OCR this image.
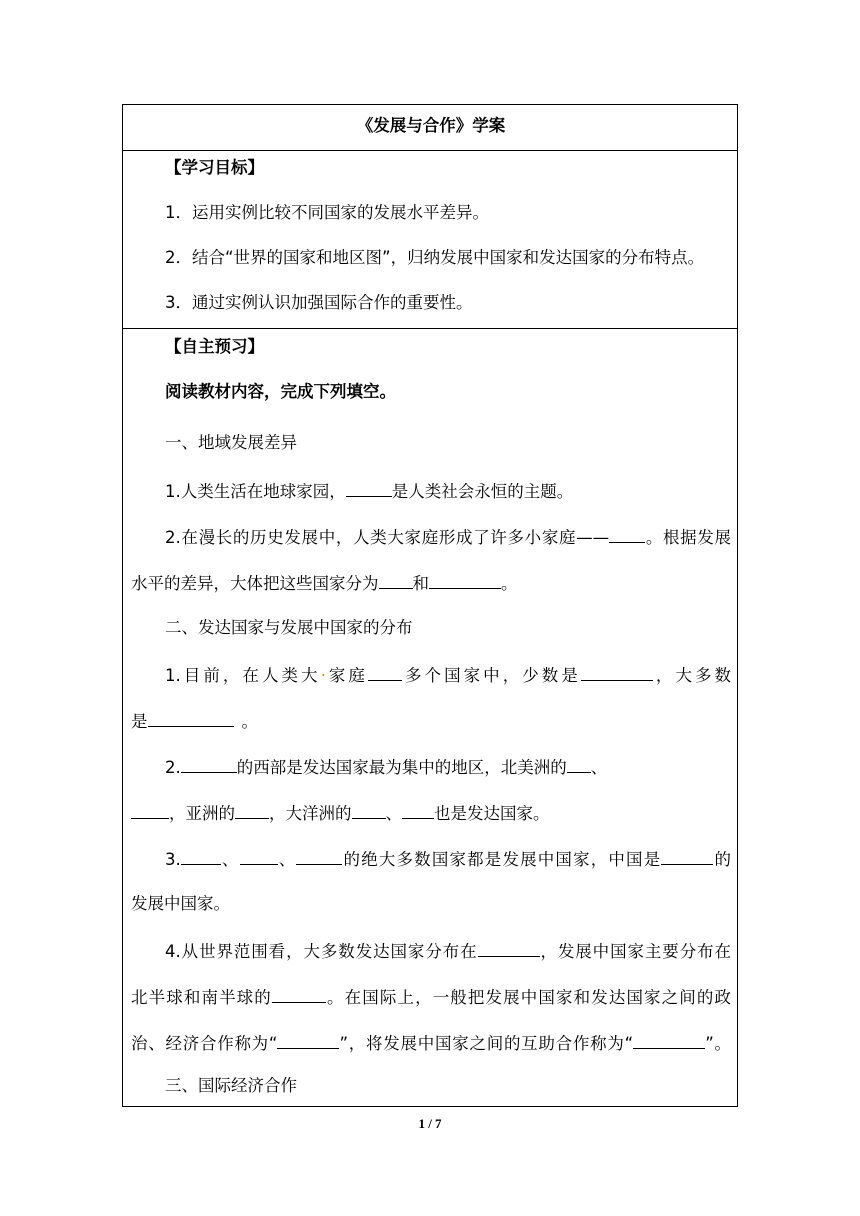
《发展与合作》学案
【学习目标】
1．运用实例比较不同国家的发展水平差异。
2．结合“世界的国家和地区图”，归纳发展中国家和发达国家的分布特点。
3．通过实例认识加强国际合作的重要性。
【自主预习】
阅读教材内容，完成下列填空。
一、地域发展差异
1.人类生活在地球家园，	是人类社会永恒的主题。
2.在漫长的历史发展中，人类大家庭形成了许多小家庭—— 。根据发展
水平的差异，大体把这些国家分为 和	。
二、发达国家与发展中国家的分布
1.目前，在人类大·家庭 多个国家中，少数是	，大多数
是	。
2.	的西部是发达国家最为集中的地区，北美洲的 、
，亚洲的 ，大洋洲的 、 也是发达国家。
3. 、 、	的绝大多数国家都是发展中国家，中国是	的
发展中国家。
4.从世界范围看，大多数发达国家分布在	，发展中国家主要分布在
北半球和南半球的	。在国际上，一般把发展中国家和发达国家之间的政
治、经济合作称为“	”，将发展中国家之间的互助合作称为“	”。
三、国际经济合作
1 / 7
